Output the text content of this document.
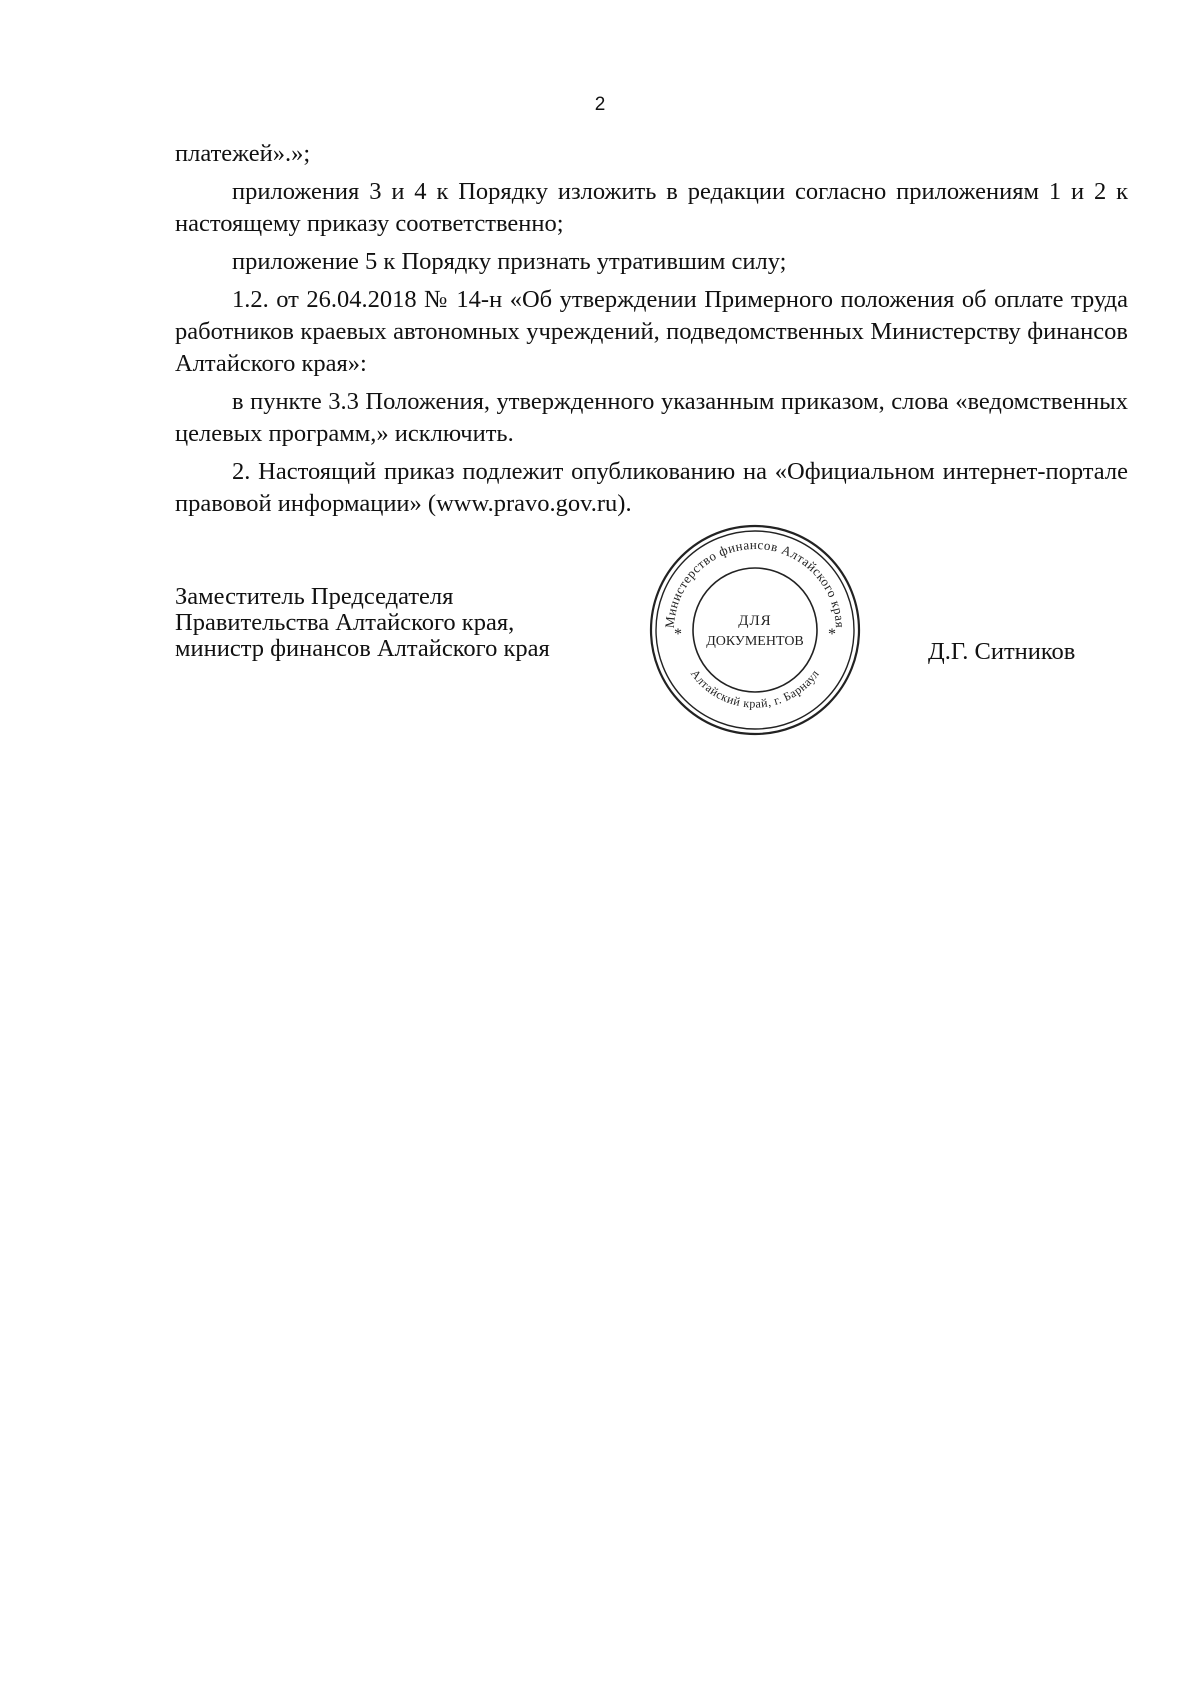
2

платежей».»;

приложения 3 и 4 к Порядку изложить в редакции согласно приложениям 1 и 2 к настоящему приказу соответственно;

приложение 5 к Порядку признать утратившим силу;

1.2. от 26.04.2018 № 14-н «Об утверждении Примерного положения об оплате труда работников краевых автономных учреждений, подведомственных Министерству финансов Алтайского края»:

в пункте 3.3 Положения, утвержденного указанным приказом, слова «ведомственных целевых программ,» исключить.

2. Настоящий приказ подлежит опубликованию на «Официальном интернет-портале правовой информации» (www.pravo.gov.ru).

Заместитель Председателя
Правительства Алтайского края,
министр финансов Алтайского края
Министерство финансов Алтайского края
Алтайский край, г. Барнаул
*	*
ДЛЯ
ДОКУМЕНТОВ	Д.Г. Ситников
